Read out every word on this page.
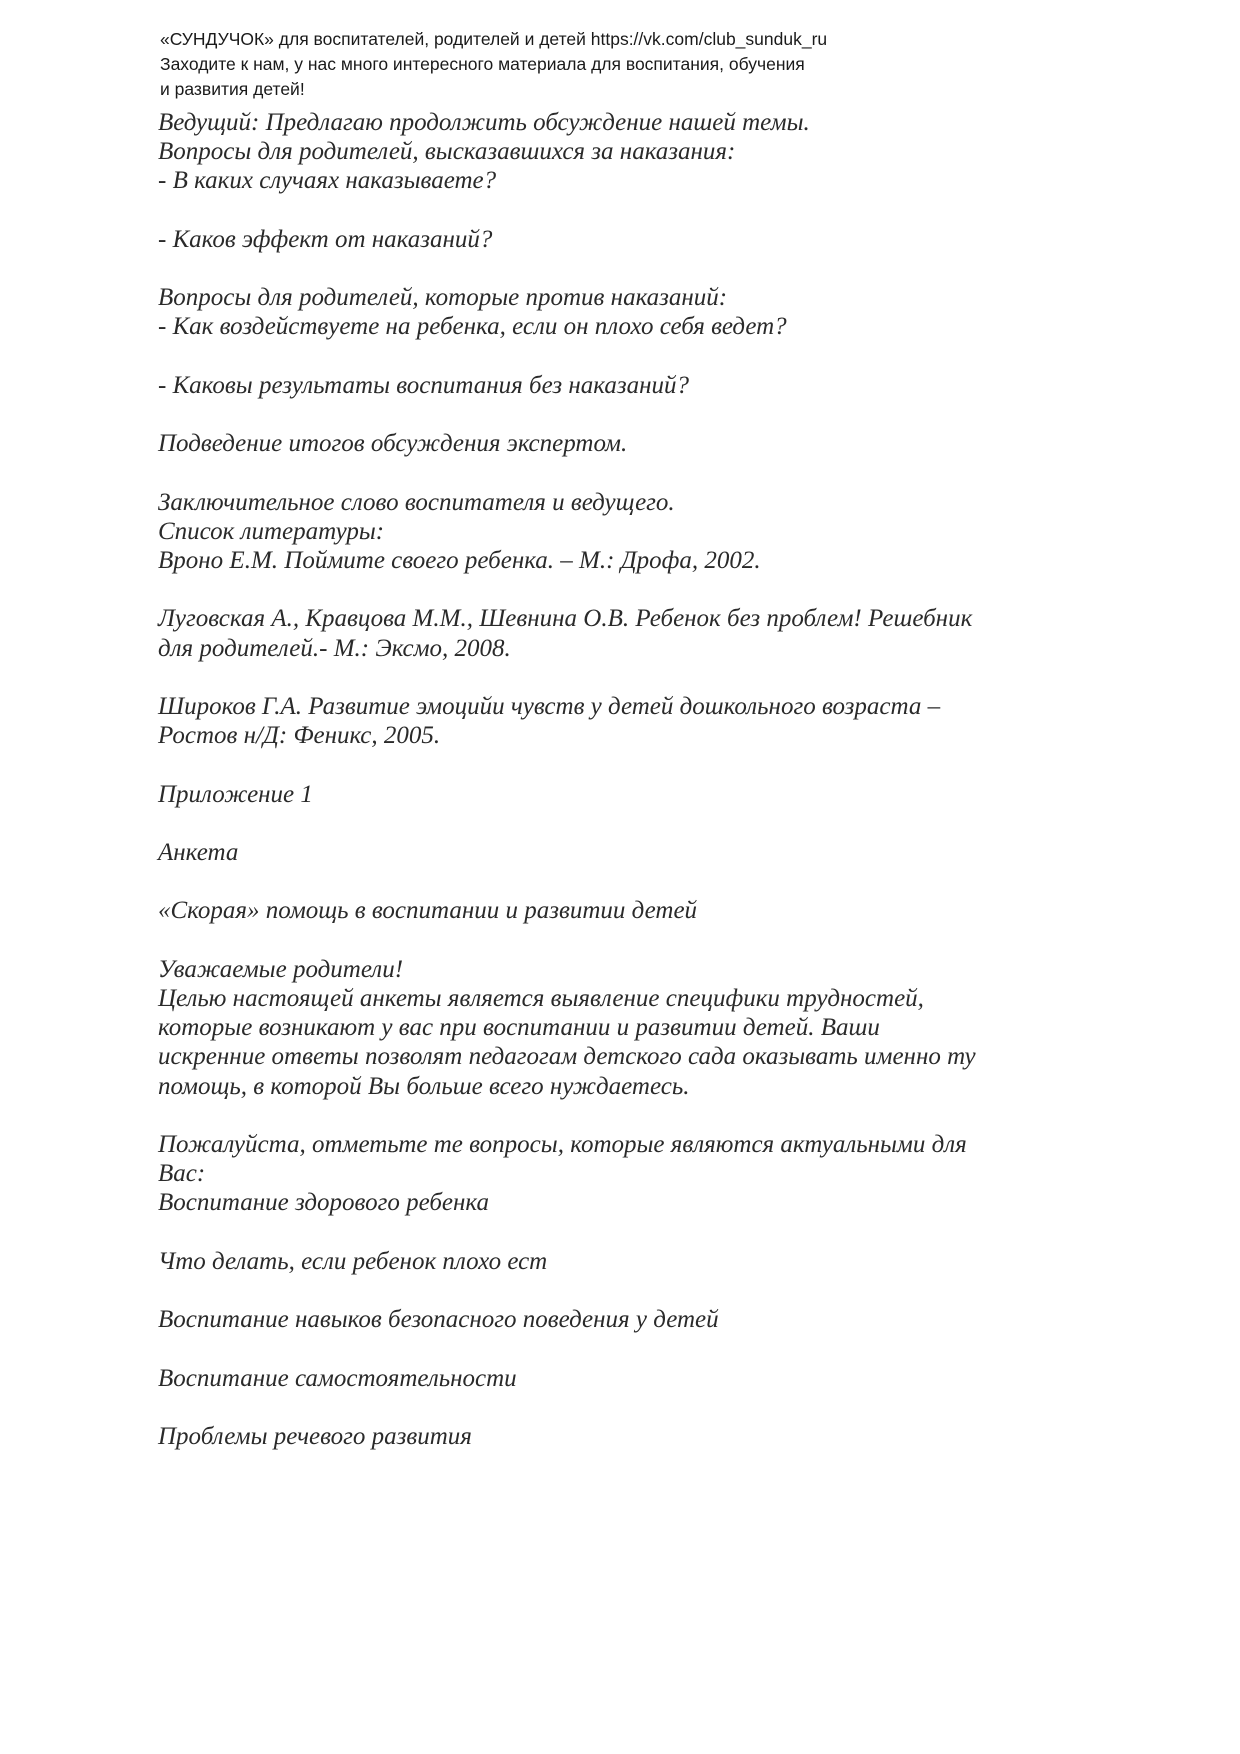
«СУНДУЧОК» для воспитателей, родителей и детей https://vk.com/club_sunduk_ru
Заходите к нам, у нас много интересного материала для воспитания, обучения
и развития детей!
Ведущий: Предлагаю продолжить обсуждение нашей темы.
Вопросы для родителей, высказавшихся за наказания:
- В каких случаях наказываете?
- Каков эффект от наказаний?
Вопросы для родителей, которые против наказаний:
- Как воздействуете на ребенка, если он плохо себя ведет?
- Каковы результаты воспитания без наказаний?
Подведение итогов обсуждения экспертом.
Заключительное слово воспитателя и ведущего.
Список литературы:
Вроно Е.М. Поймите своего ребенка. – М.: Дрофа, 2002.
Луговская А., Кравцова М.М., Шевнина О.В. Ребенок без проблем! Решебник
для родителей.- М.: Эксмо, 2008.
Широков Г.А. Развитие эмоцийи чувств у детей дошкольного возраста –
Ростов н/Д: Феникс, 2005.
Приложение 1
Анкета
«Скорая» помощь в воспитании и развитии детей
Уважаемые родители!
Целью настоящей анкеты является выявление специфики трудностей,
которые возникают у вас при воспитании и развитии детей. Ваши
искренние ответы позволят педагогам детского сада оказывать именно ту
помощь, в которой Вы больше всего нуждаетесь.
Пожалуйста, отметьте те вопросы, которые являются актуальными для
Вас:
Воспитание здорового ребенка
Что делать, если ребенок плохо ест
Воспитание навыков безопасного поведения у детей
Воспитание самостоятельности
Проблемы речевого развития
